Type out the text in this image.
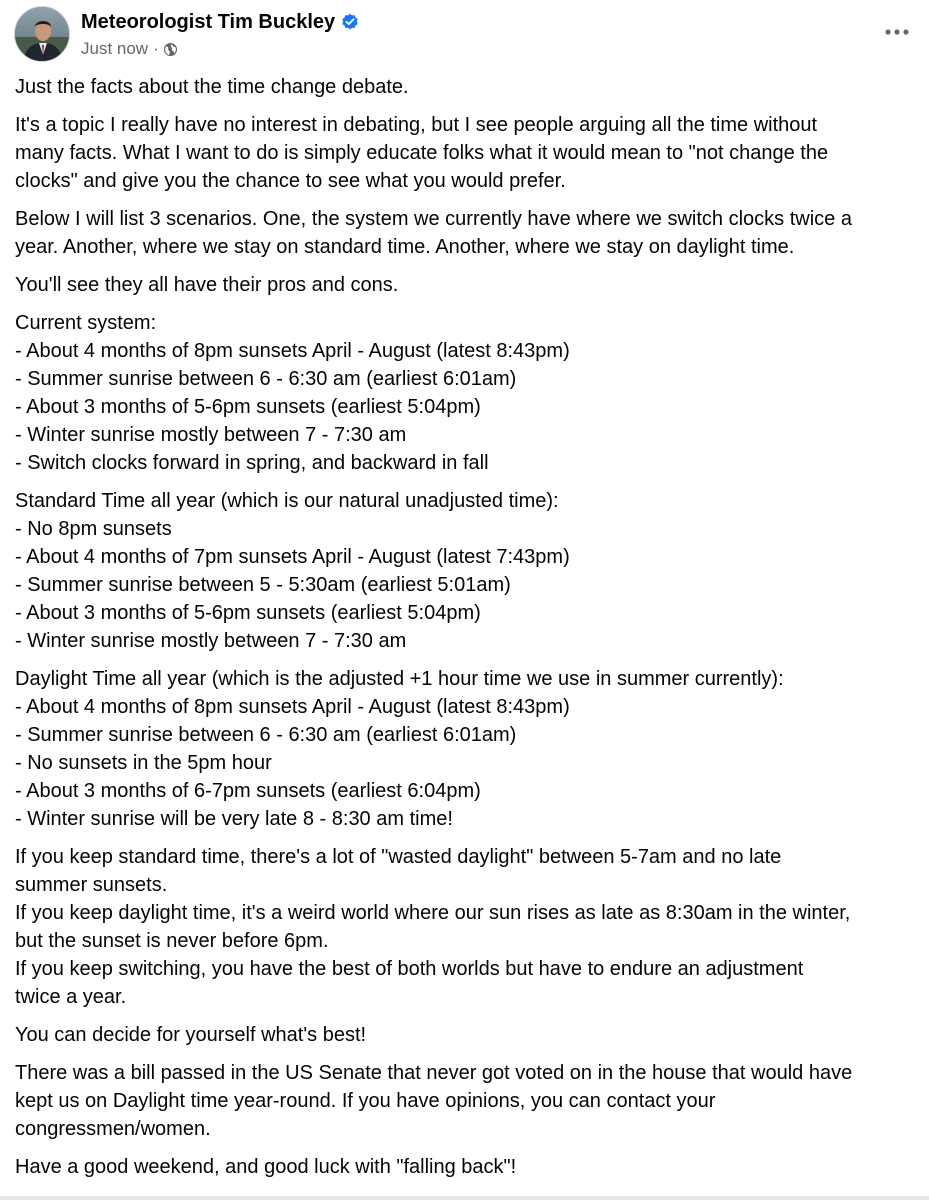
Meteorologist Tim Buckley
Just now ·
Just the facts about the time change debate.
It's a topic I really have no interest in debating, but I see people arguing all the time without
many facts. What I want to do is simply educate folks what it would mean to "not change the
clocks" and give you the chance to see what you would prefer.
Below I will list 3 scenarios. One, the system we currently have where we switch clocks twice a
year. Another, where we stay on standard time. Another, where we stay on daylight time.
You'll see they all have their pros and cons.
Current system:
- About 4 months of 8pm sunsets April - August (latest 8:43pm)
- Summer sunrise between 6 - 6:30 am (earliest 6:01am)
- About 3 months of 5-6pm sunsets (earliest 5:04pm)
- Winter sunrise mostly between 7 - 7:30 am
- Switch clocks forward in spring, and backward in fall
Standard Time all year (which is our natural unadjusted time):
- No 8pm sunsets
- About 4 months of 7pm sunsets April - August (latest 7:43pm)
- Summer sunrise between 5 - 5:30am (earliest 5:01am)
- About 3 months of 5-6pm sunsets (earliest 5:04pm)
- Winter sunrise mostly between 7 - 7:30 am
Daylight Time all year (which is the adjusted +1 hour time we use in summer currently):
- About 4 months of 8pm sunsets April - August (latest 8:43pm)
- Summer sunrise between 6 - 6:30 am (earliest 6:01am)
- No sunsets in the 5pm hour
- About 3 months of 6-7pm sunsets (earliest 6:04pm)
- Winter sunrise will be very late 8 - 8:30 am time!
If you keep standard time, there's a lot of "wasted daylight" between 5-7am and no late
summer sunsets.
If you keep daylight time, it's a weird world where our sun rises as late as 8:30am in the winter,
but the sunset is never before 6pm.
If you keep switching, you have the best of both worlds but have to endure an adjustment
twice a year.
You can decide for yourself what's best!
There was a bill passed in the US Senate that never got voted on in the house that would have
kept us on Daylight time year-round. If you have opinions, you can contact your
congressmen/women.
Have a good weekend, and good luck with "falling back"!
